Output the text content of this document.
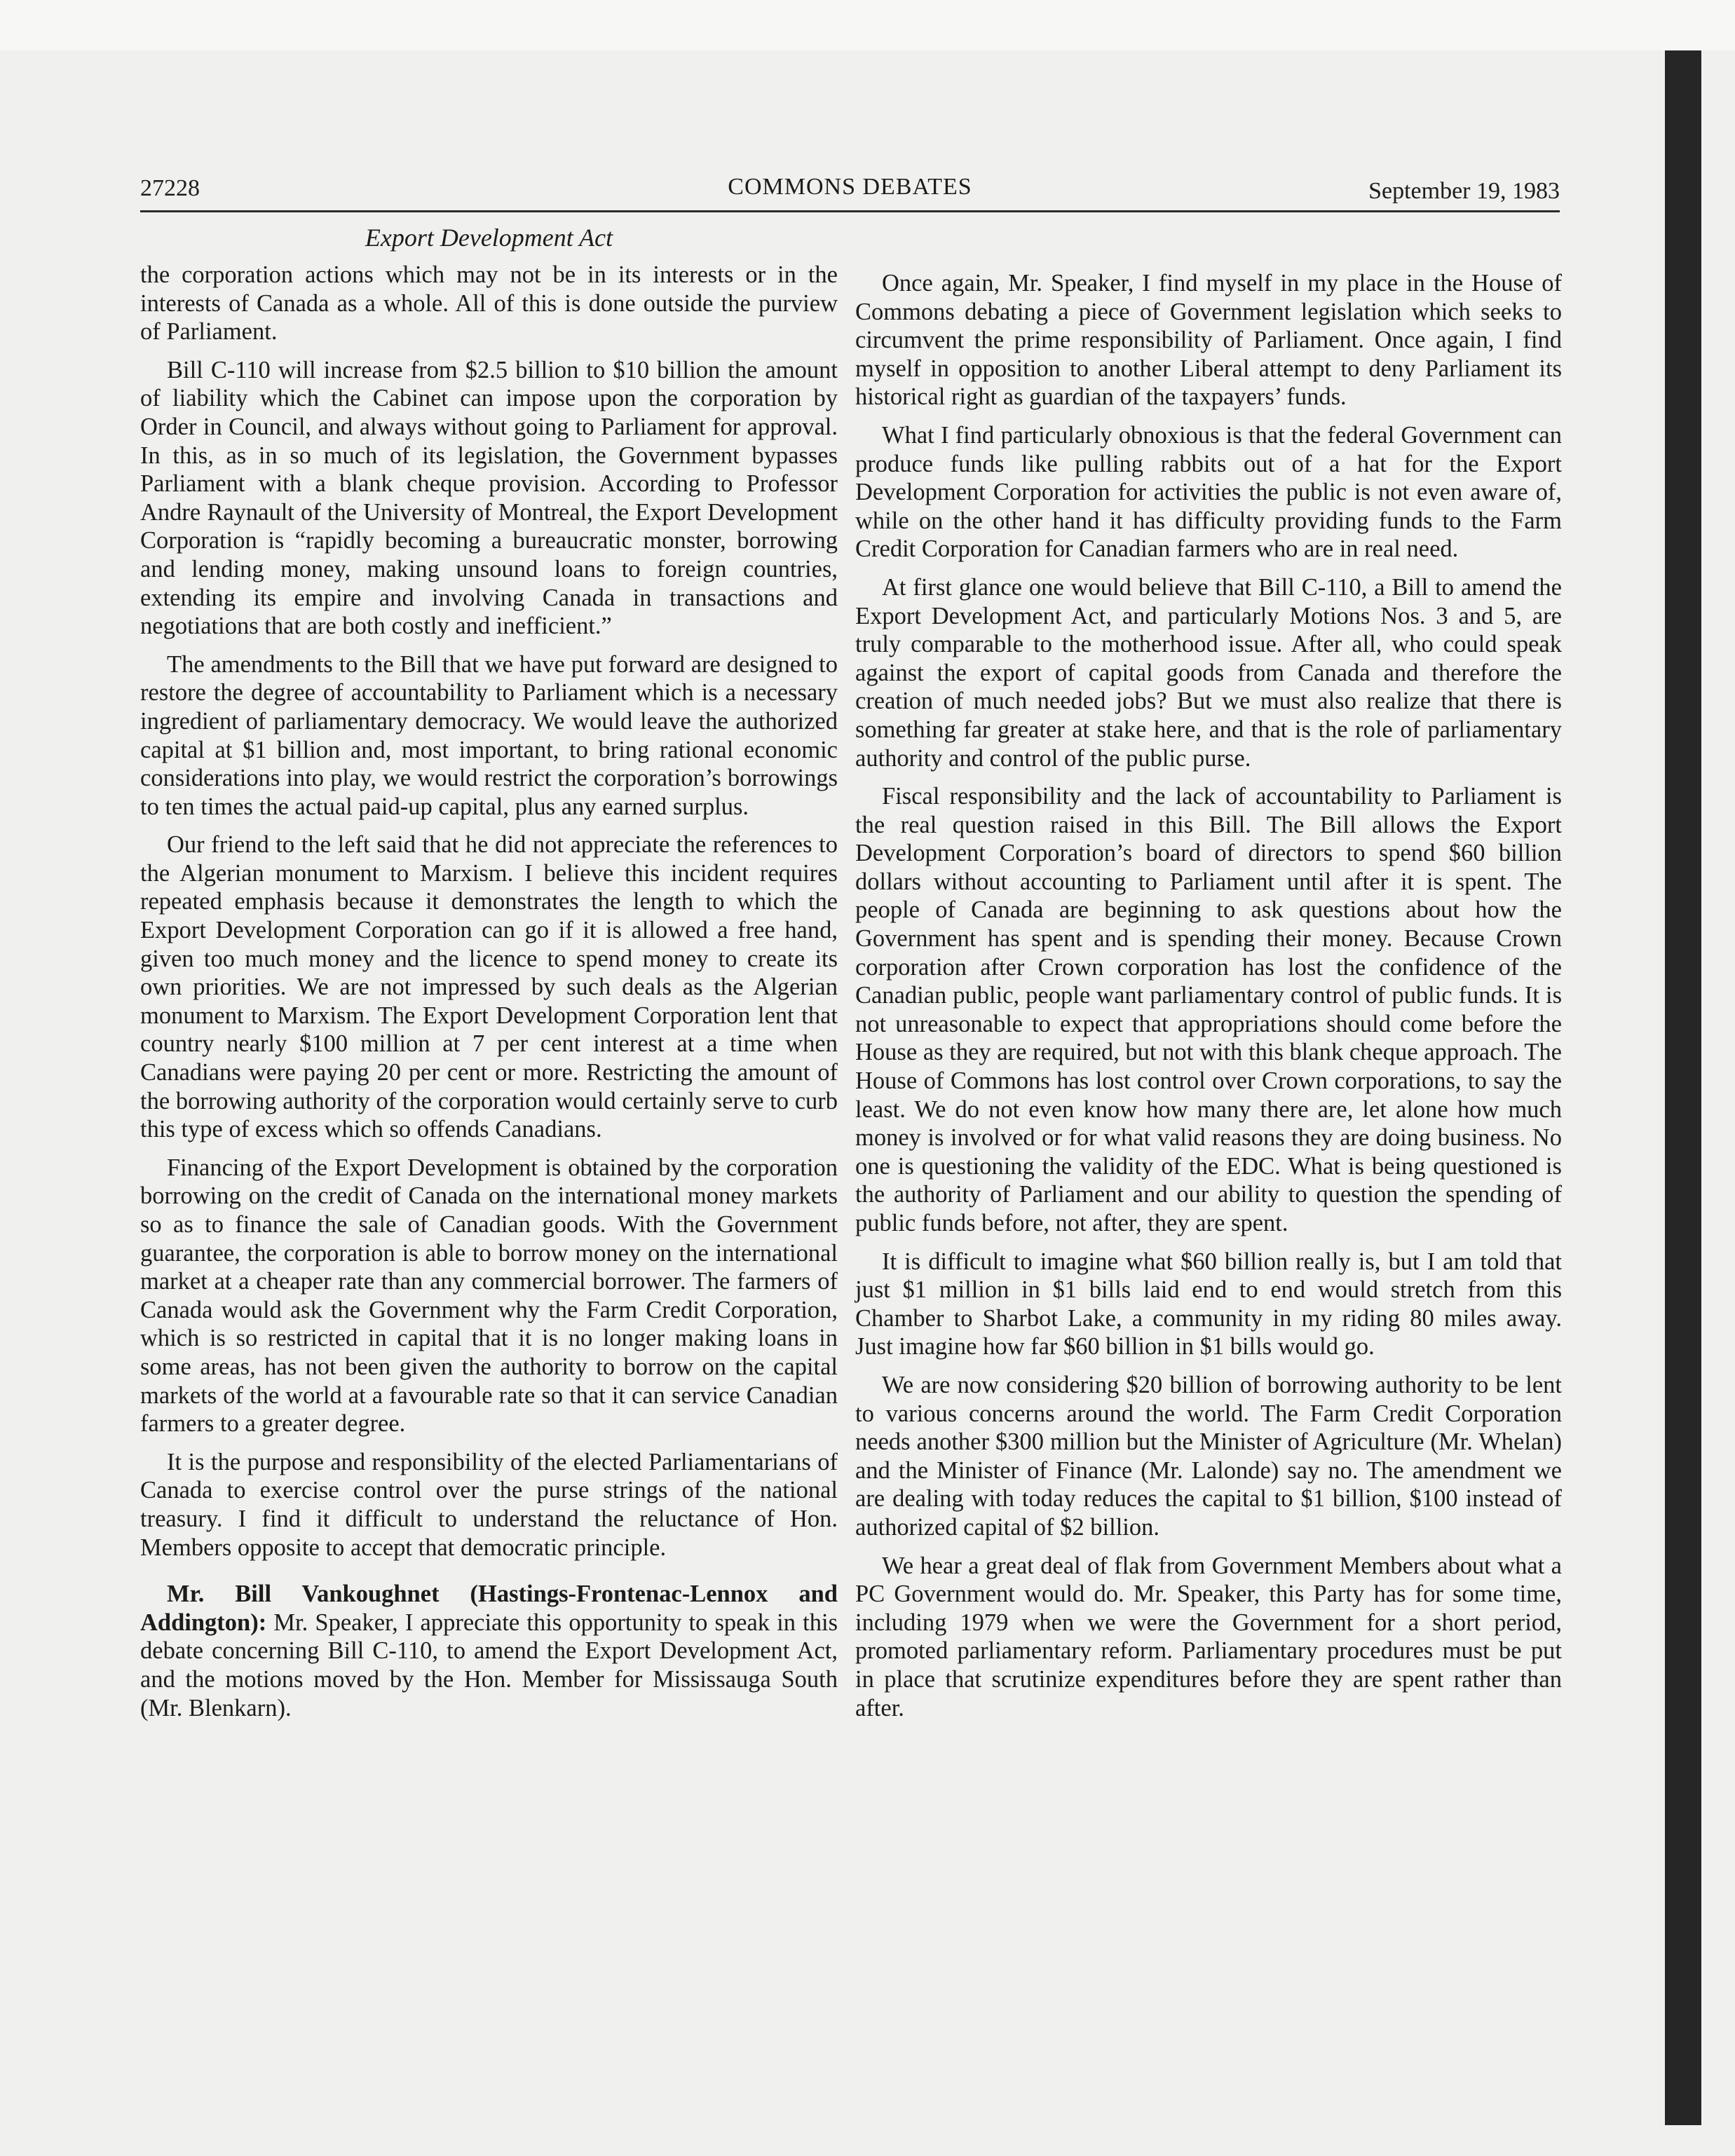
27228	COMMONS DEBATES	September 19, 1983
Export Development Act

the corporation actions which may not be in its interests or in the interests of Canada as a whole. All of this is done outside the purview of Parliament.

Bill C-110 will increase from $2.5 billion to $10 billion the amount of liability which the Cabinet can impose upon the corporation by Order in Council, and always without going to Parliament for approval. In this, as in so much of its legislation, the Government bypasses Parliament with a blank cheque provision. According to Professor Andre Raynault of the University of Montreal, the Export Development Corporation is “rapidly becoming a bureaucratic monster, borrowing and lending money, making unsound loans to foreign countries, extending its empire and involving Canada in transactions and negotiations that are both costly and inefficient.”

The amendments to the Bill that we have put forward are designed to restore the degree of accountability to Parliament which is a necessary ingredient of parliamentary democracy. We would leave the authorized capital at $1 billion and, most important, to bring rational economic considerations into play, we would restrict the corporation’s borrowings to ten times the actual paid-up capital, plus any earned surplus.

Our friend to the left said that he did not appreciate the references to the Algerian monument to Marxism. I believe this incident requires repeated emphasis because it demonstrates the length to which the Export Development Corporation can go if it is allowed a free hand, given too much money and the licence to spend money to create its own priorities. We are not impressed by such deals as the Algerian monument to Marxism. The Export Development Corporation lent that country nearly $100 million at 7 per cent interest at a time when Canadians were paying 20 per cent or more. Restricting the amount of the borrowing authority of the corporation would certainly serve to curb this type of excess which so offends Canadians.

Financing of the Export Development is obtained by the corporation borrowing on the credit of Canada on the international money markets so as to finance the sale of Canadian goods. With the Government guarantee, the corporation is able to borrow money on the international market at a cheaper rate than any commercial borrower. The farmers of Canada would ask the Government why the Farm Credit Corporation, which is so restricted in capital that it is no longer making loans in some areas, has not been given the authority to borrow on the capital markets of the world at a favourable rate so that it can service Canadian farmers to a greater degree.

It is the purpose and responsibility of the elected Parliamentarians of Canada to exercise control over the purse strings of the national treasury. I find it difficult to understand the reluctance of Hon. Members opposite to accept that democratic principle.

Mr. Bill Vankoughnet (Hastings-Frontenac-Lennox and Addington): Mr. Speaker, I appreciate this opportunity to speak in this debate concerning Bill C-110, to amend the Export Development Act, and the motions moved by the Hon. Member for Mississauga South (Mr. Blenkarn).

Once again, Mr. Speaker, I find myself in my place in the House of Commons debating a piece of Government legislation which seeks to circumvent the prime responsibility of Parliament. Once again, I find myself in opposition to another Liberal attempt to deny Parliament its historical right as guardian of the taxpayers’ funds.

What I find particularly obnoxious is that the federal Government can produce funds like pulling rabbits out of a hat for the Export Development Corporation for activities the public is not even aware of, while on the other hand it has difficulty providing funds to the Farm Credit Corporation for Canadian farmers who are in real need.

At first glance one would believe that Bill C-110, a Bill to amend the Export Development Act, and particularly Motions Nos. 3 and 5, are truly comparable to the motherhood issue. After all, who could speak against the export of capital goods from Canada and therefore the creation of much needed jobs? But we must also realize that there is something far greater at stake here, and that is the role of parliamentary authority and control of the public purse.

Fiscal responsibility and the lack of accountability to Parliament is the real question raised in this Bill. The Bill allows the Export Development Corporation’s board of directors to spend $60 billion dollars without accounting to Parliament until after it is spent. The people of Canada are beginning to ask questions about how the Government has spent and is spending their money. Because Crown corporation after Crown corporation has lost the confidence of the Canadian public, people want parliamentary control of public funds. It is not unreasonable to expect that appropriations should come before the House as they are required, but not with this blank cheque approach. The House of Commons has lost control over Crown corporations, to say the least. We do not even know how many there are, let alone how much money is involved or for what valid reasons they are doing business. No one is questioning the validity of the EDC. What is being questioned is the authority of Parliament and our ability to question the spending of public funds before, not after, they are spent.

It is difficult to imagine what $60 billion really is, but I am told that just $1 million in $1 bills laid end to end would stretch from this Chamber to Sharbot Lake, a community in my riding 80 miles away. Just imagine how far $60 billion in $1 bills would go.

We are now considering $20 billion of borrowing authority to be lent to various concerns around the world. The Farm Credit Corporation needs another $300 million but the Minister of Agriculture (Mr. Whelan) and the Minister of Finance (Mr. Lalonde) say no. The amendment we are dealing with today reduces the capital to $1 billion, $100 instead of authorized capital of $2 billion.

We hear a great deal of flak from Government Members about what a PC Government would do. Mr. Speaker, this Party has for some time, including 1979 when we were the Government for a short period, promoted parliamentary reform. Parliamentary procedures must be put in place that scrutinize expenditures before they are spent rather than after.
